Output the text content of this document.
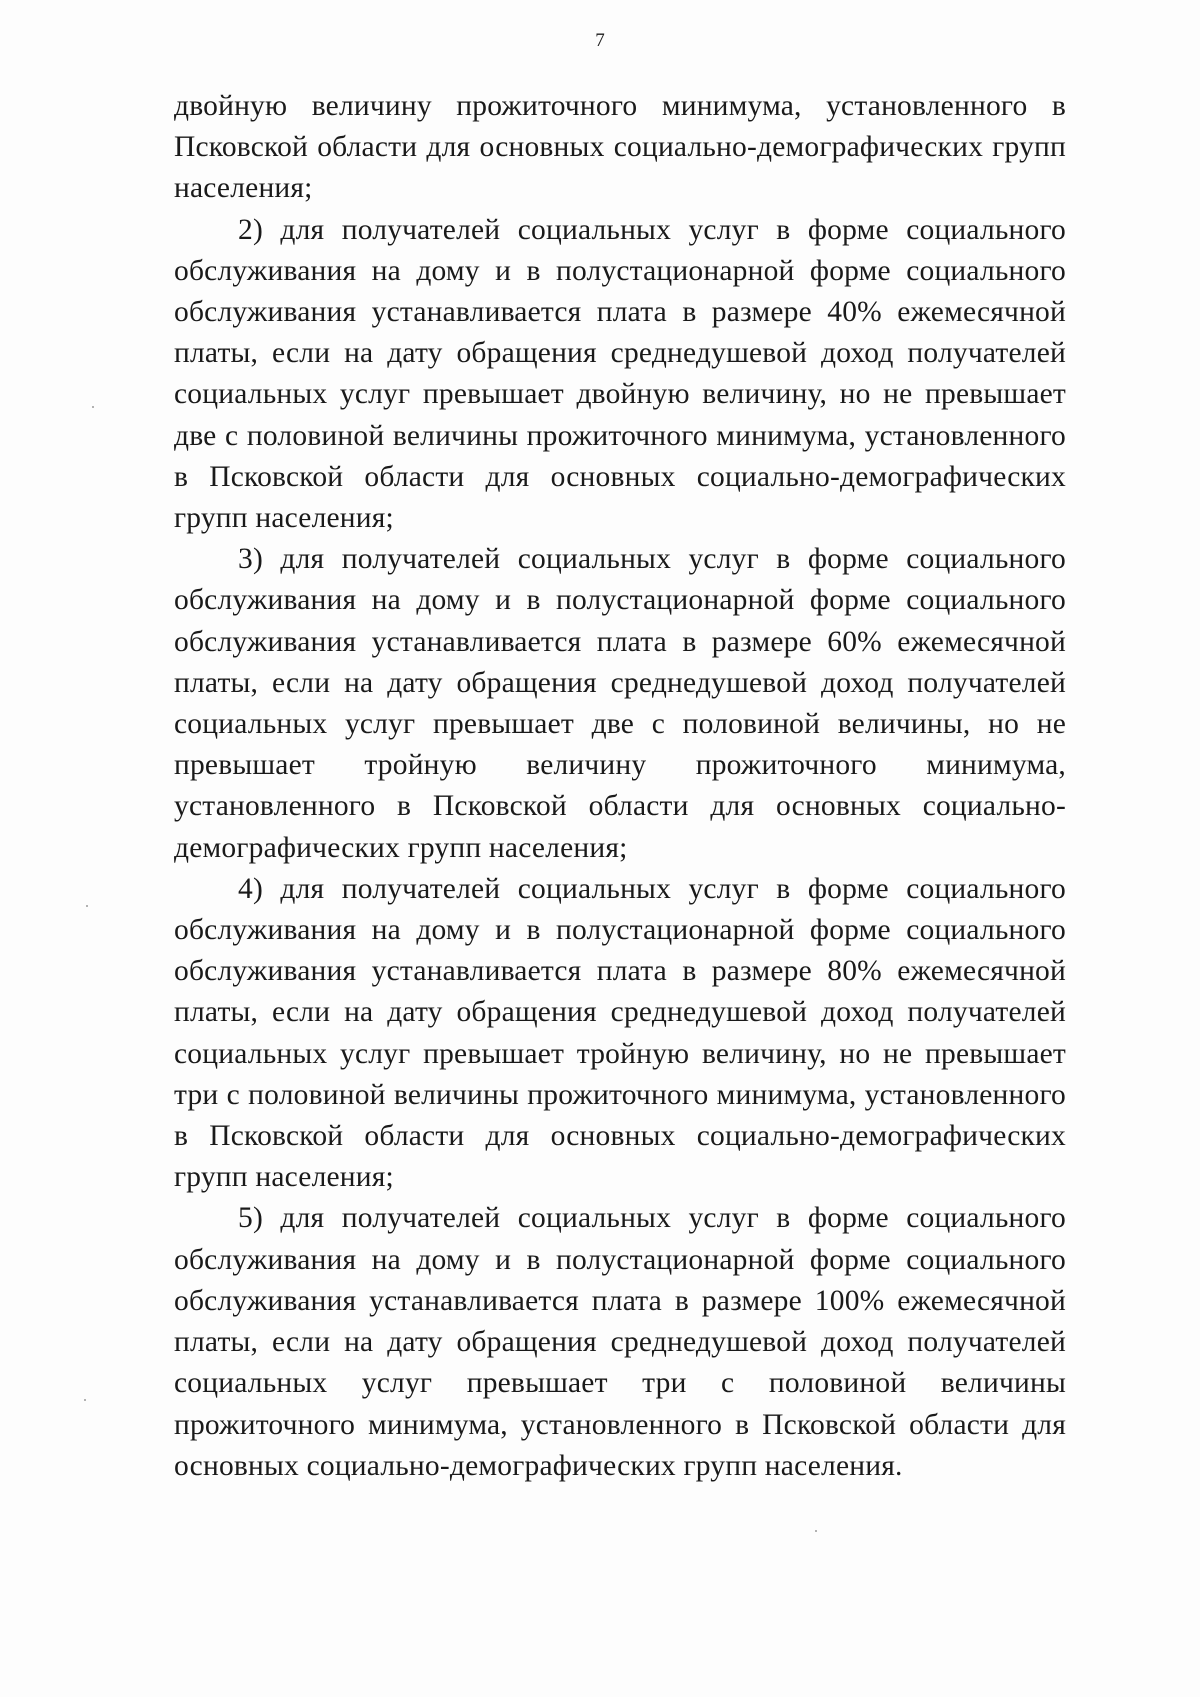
7

двойную величину прожиточного минимума, установленного в Псковской области для основных социально-демографических групп населения;

2) для получателей социальных услуг в форме социального обслуживания на дому и в полустационарной форме социального обслуживания устанавливается плата в размере 40% ежемесячной платы, если на дату обращения среднедушевой доход получателей социальных услуг превышает двойную величину, но не превышает две с половиной величины прожиточного минимума, установленного в Псковской области для основных социально-демографических групп населения;

3) для получателей социальных услуг в форме социального обслуживания на дому и в полустационарной форме социального обслуживания устанавливается плата в размере 60% ежемесячной платы, если на дату обращения среднедушевой доход получателей социальных услуг превышает две с половиной величины, но не превышает тройную величину прожиточного минимума, установленного в Псковской области для основных социально-демографических групп населения;

4) для получателей социальных услуг в форме социального обслуживания на дому и в полустационарной форме социального обслуживания устанавливается плата в размере 80% ежемесячной платы, если на дату обращения среднедушевой доход получателей социальных услуг превышает тройную величину, но не превышает три с половиной величины прожиточного минимума, установленного в Псковской области для основных социально-демографических групп населения;

5) для получателей социальных услуг в форме социального обслуживания на дому и в полустационарной форме социального обслуживания устанавливается плата в размере 100% ежемесячной платы, если на дату обращения среднедушевой доход получателей социальных услуг превышает три с половиной величины прожиточного минимума, установленного в Псковской области для основных социально-демографических групп населения.
